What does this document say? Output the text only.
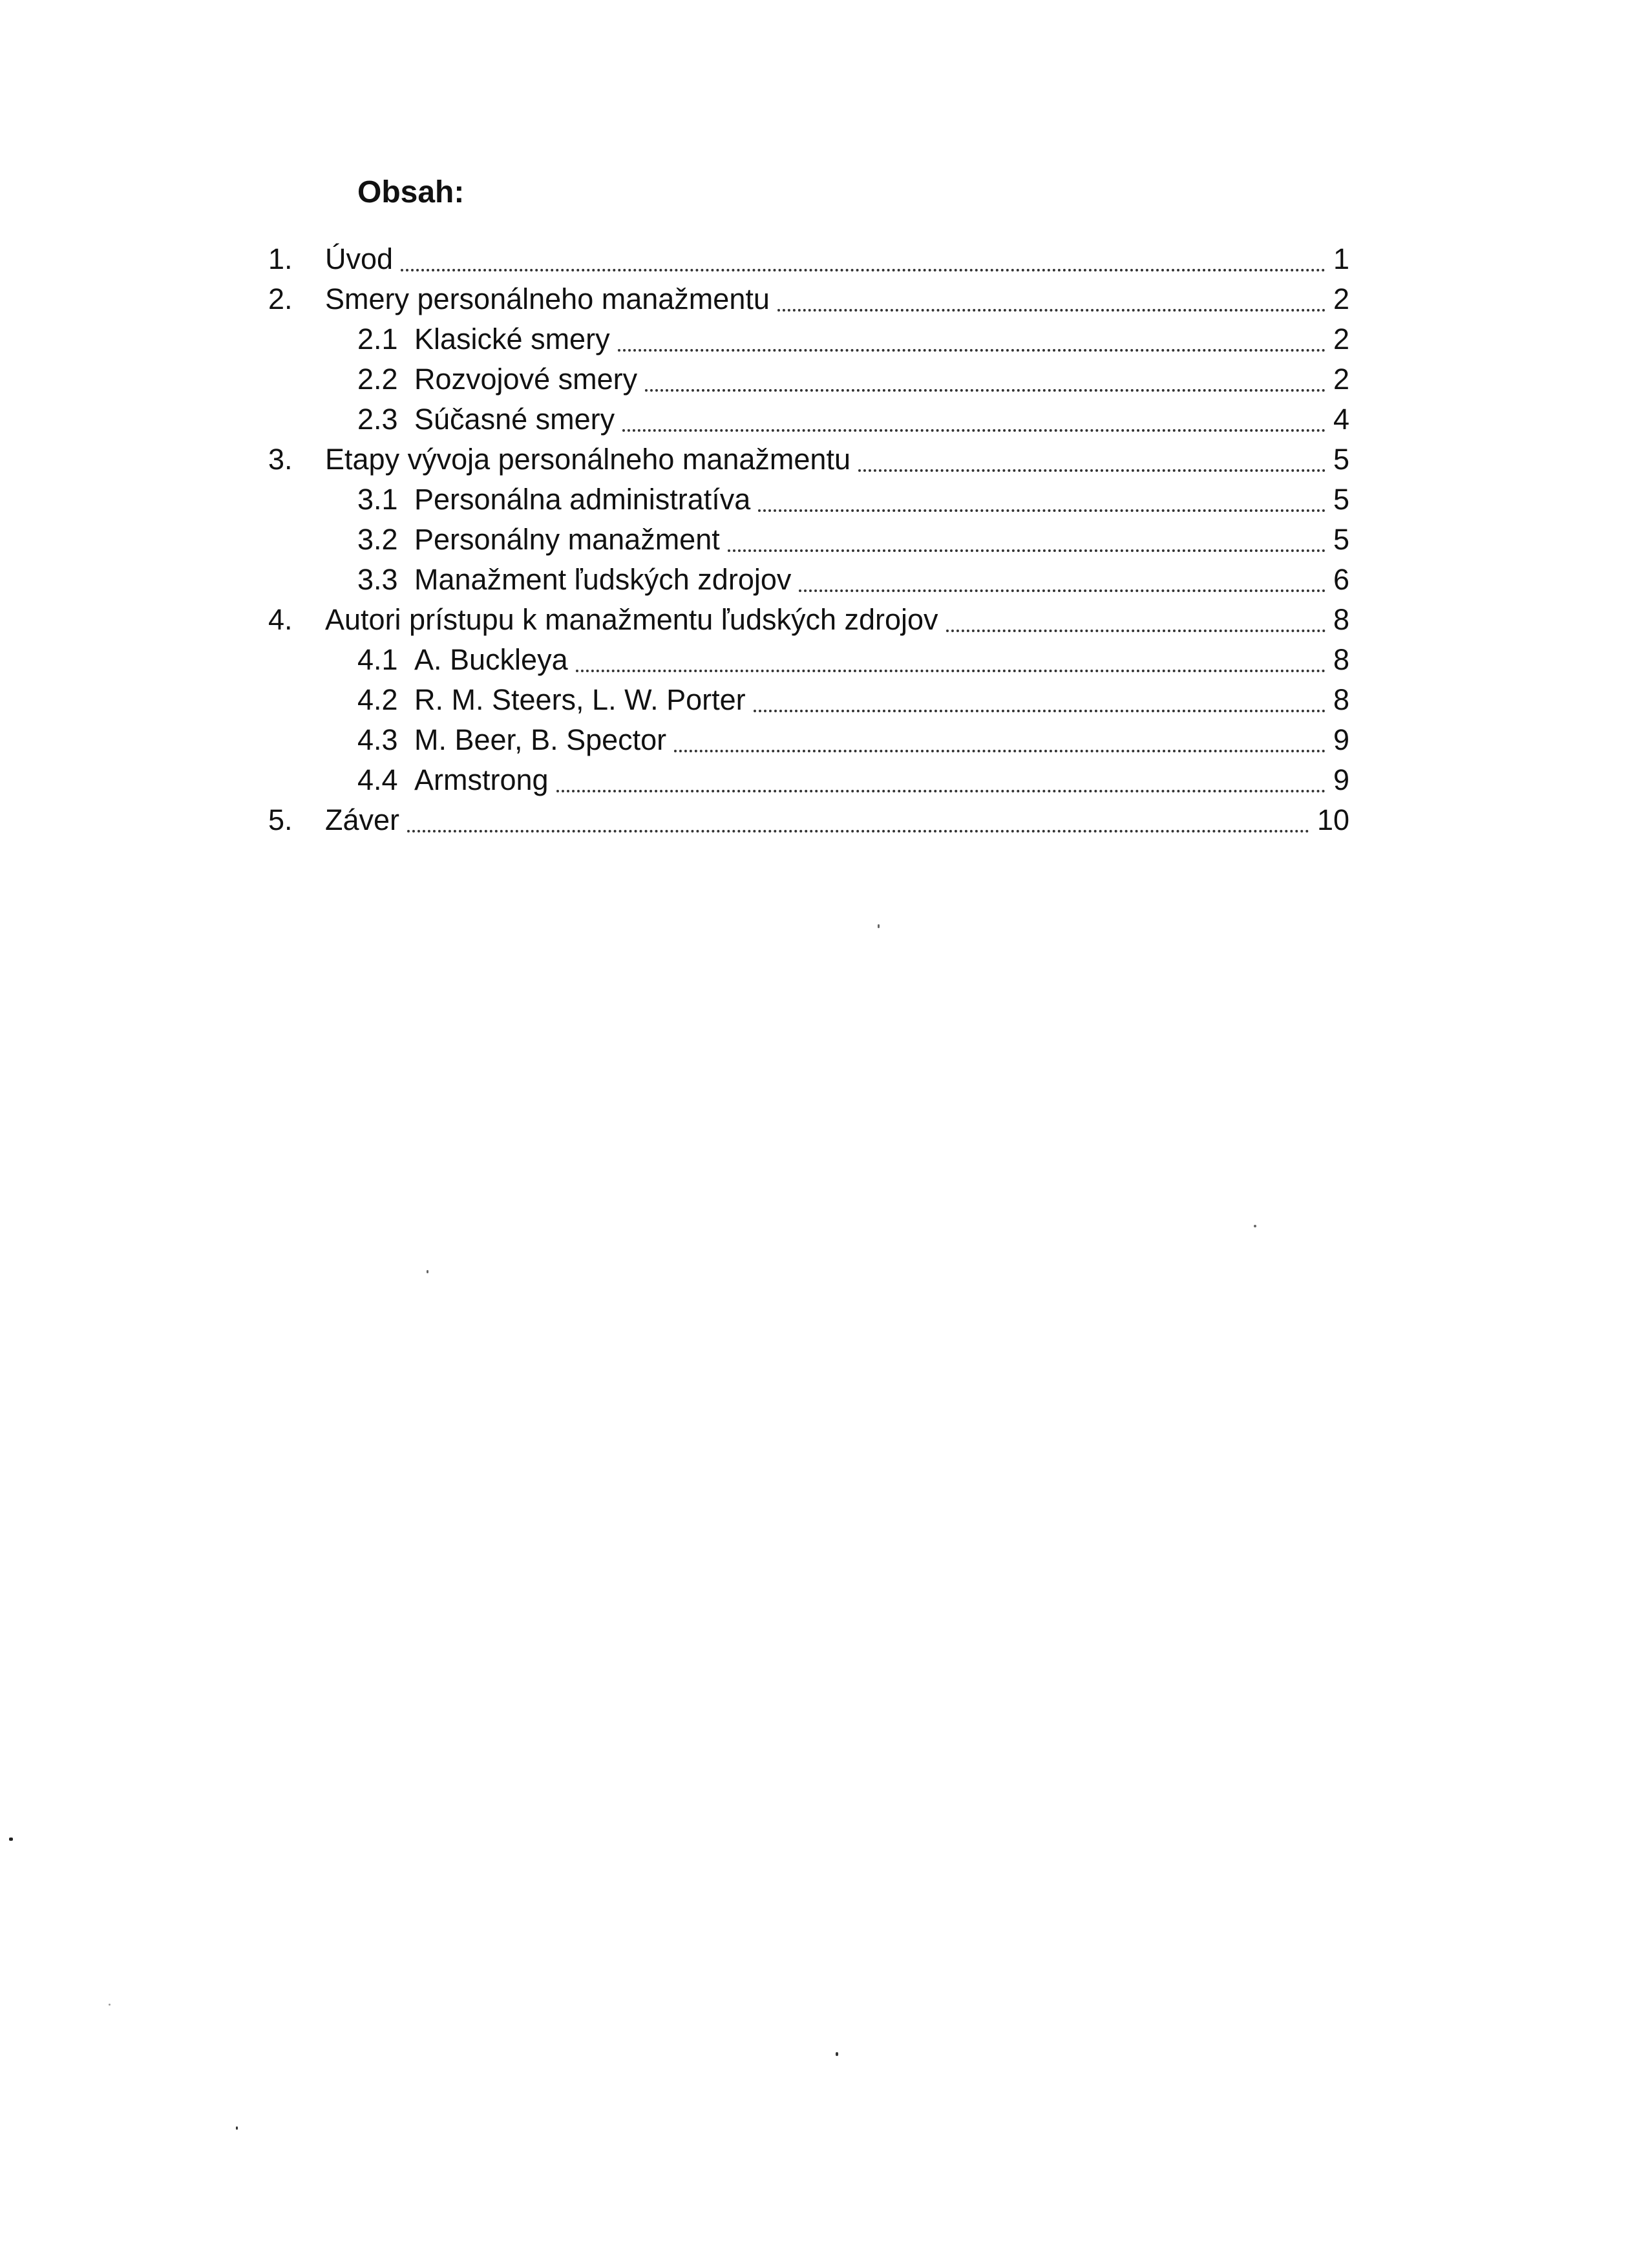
Obsah:
1.	Úvod	1
2.	Smery personálneho manažmentu	2
2.1 Klasické smery	2
2.2 Rozvojové smery	2
2.3 Súčasné smery	4
3.	Etapy vývoja personálneho manažmentu	5
3.1 Personálna administratíva	5
3.2 Personálny manažment	5
3.3 Manažment ľudských zdrojov	6
4.	Autori prístupu k manažmentu ľudských zdrojov	8
4.1 A. Buckleya	8
4.2 R. M. Steers, L. W. Porter	8
4.3 M. Beer, B. Spector	9
4.4 Armstrong	9
5.	Záver	10
